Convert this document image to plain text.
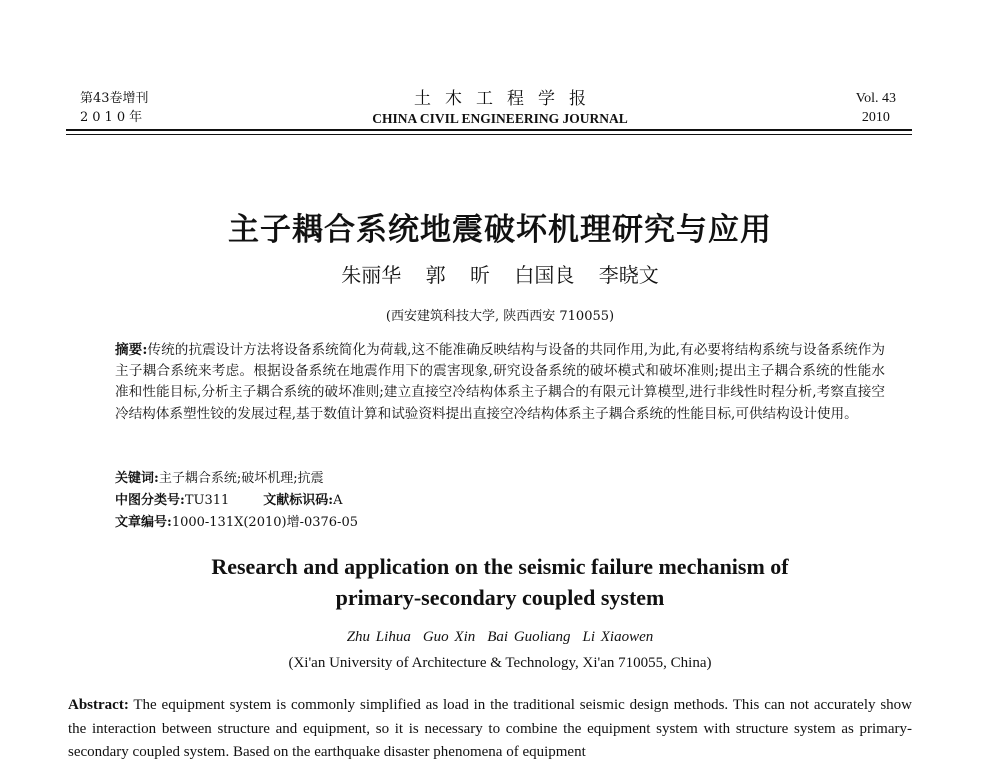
第43卷增刊
2010年
土木工程学报
CHINA CIVIL ENGINEERING JOURNAL
Vol. 43
2010
主子耦合系统地震破坏机理研究与应用
朱丽华 郭 昕 白国良 李晓文
(西安建筑科技大学, 陕西西安 710055)
摘要:传统的抗震设计方法将设备系统简化为荷载,这不能准确反映结构与设备的共同作用,为此,有必要将结构系统与设备系统作为主子耦合系统来考虑。根据设备系统在地震作用下的震害现象,研究设备系统的破坏模式和破坏准则;提出主子耦合系统的性能水准和性能目标,分析主子耦合系统的破坏准则;建立直接空冷结构体系主子耦合的有限元计算模型,进行非线性时程分析,考察直接空冷结构体系塑性铰的发展过程,基于数值计算和试验资料提出直接空冷结构体系主子耦合系统的性能目标,可供结构设计使用。
关键词:主子耦合系统;破坏机理;抗震
中图分类号:TU311	文献标识码:A
文章编号:1000-131X(2010)增-0376-05
Research and application on the seismic failure mechanism of
primary-secondary coupled system
Zhu Lihua Guo Xin Bai Guoliang Li Xiaowen
(Xi'an University of Architecture & Technology, Xi'an 710055, China)
Abstract: The equipment system is commonly simplified as load in the traditional seismic design methods. This can not accurately show the interaction between structure and equipment, so it is necessary to combine the equipment system with structure system as primary-secondary coupled system. Based on the earthquake disaster phenomena of equipment
